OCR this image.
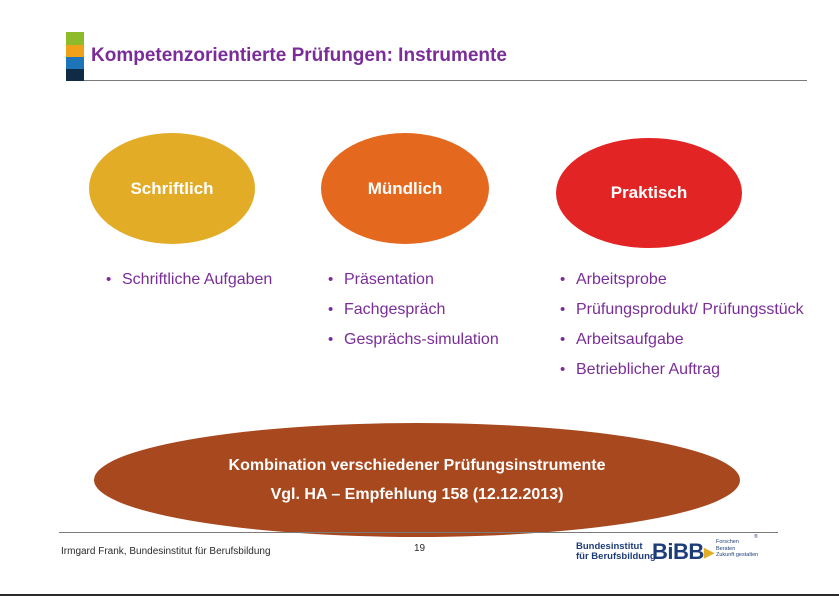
Kompetenzorientierte Prüfungen: Instrumente
Schriftlich	Mündlich	Praktisch
• Schriftliche Aufgaben
•	Präsentation
• Fachgespräch
• Gesprächs-simulation
• Arbeitsprobe
• Prüfungsprodukt/ Prüfungsstück
• Arbeitsaufgabe
• Betrieblicher Auftrag
Kombination verschiedener Prüfungsinstrumente
Vgl. HA – Empfehlung 158 (12.12.2013)
Irmgard Frank, Bundesinstitut für Berufsbildung	19	Bundesinstitut
für Berufsbildung
BiBB▸ Forschen
Beraten
Zukunft gestalten
®
